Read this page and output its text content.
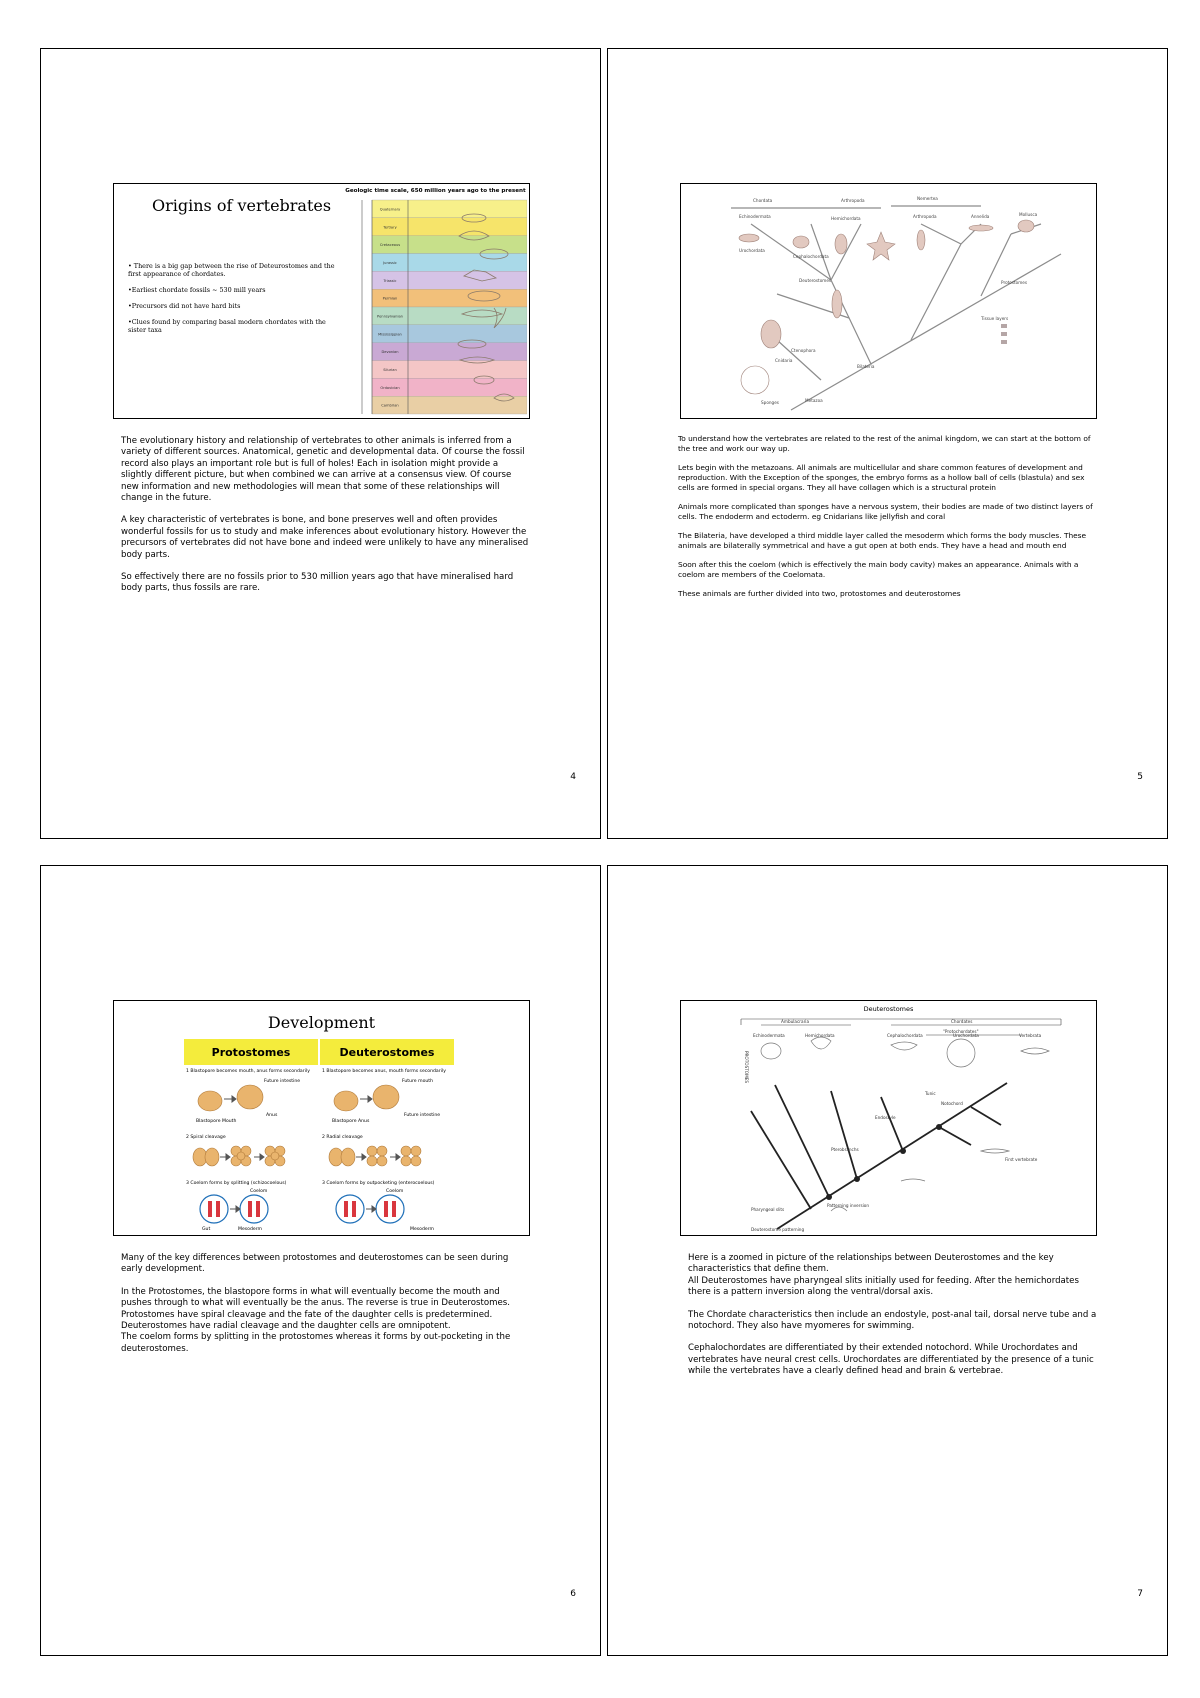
Origins of vertebrates
• There is a big gap between the rise of Deteurostomes and the first appearance of chordates.
•Earliest chordate fossils ~ 530 mill years
•Precursors did not have hard bits
•Clues found by comparing basal modern chordates with the sister taxa
Geologic time scale, 650 million years ago to the present
Quaternary
Tertiary
Cretaceous
Jurassic
Triassic
Permian
Pennsylvanian
Mississippian
Devonian
Silurian
Ordovician
Cambrian

The evolutionary history and relationship of vertebrates to other animals is inferred from a variety of different sources. Anatomical, genetic and developmental data. Of course the fossil record also plays an important role but is full of holes! Each in isolation might provide a slightly different picture, but when combined we can arrive at a consensus view. Of course new information and new methodologies will mean that some of these relationships will change in the future.

A key characteristic of vertebrates is bone, and bone preserves well and often provides wonderful fossils for us to study and make inferences about evolutionary history. However the precursors of vertebrates did not have bone and indeed were unlikely to have any mineralised body parts.

So effectively there are no fossils prior to 530 million years ago that have mineralised hard body parts, thus fossils are rare.

4
Chordata	Arthropoda	Nemertea
Echinodermata	Hemichordata
Urochordata
Cephalochordata
Arthropoda	Annelida	Mollusca
Deuterostomes	Protostomes
Ctenophora
Cnidaria
Bilateria
Metazoa
Sponges
Tissue layers

To understand how the vertebrates are related to the rest of the animal kingdom, we can start at the bottom of the tree and work our way up.

Lets begin with the metazoans. All animals are multicellular and share common features of development and reproduction. With the Exception of the sponges, the embryo forms as a hollow ball of cells (blastula) and sex cells are formed in special organs. They all have collagen which is a structural protein

Animals more complicated than sponges have a nervous system, their bodies are made of two distinct layers of cells. The endoderm and ectoderm. eg Cnidarians like jellyfish and coral

The Bilateria, have developed a third middle layer called the mesoderm which forms the body muscles. These animals are bilaterally symmetrical and have a gut open at both ends. They have a head and mouth end

Soon after this the coelom (which is effectively the main body cavity) makes an appearance. Animals with a coelom are members of the Coelomata.

These animals are further divided into two, protostomes and deuterostomes

5
Development
Protostomes	Deuterostomes
1 Blastopore becomes mouth, anus forms secondarily	1 Blastopore becomes anus, mouth forms secondarily
2 Spiral cleavage	2 Radial cleavage
3 Coelom forms by splitting (schizocoelous)	3 Coelom forms by outpocketing (enterocoelous)
Blastopore Mouth
Future intestine
Anus
Blastopore Anus
Future mouth
Future intestine
Coelom	Coelom
Mesoderm
Gut	Mesoderm

Many of the key differences between protostomes and deuterostomes can be seen during early development.

In the Protostomes, the blastopore forms in what will eventually become the mouth and pushes through to what will eventually be the anus. The reverse is true in Deuterostomes.

Protostomes have spiral cleavage and the fate of the daughter cells is predetermined. Deuterostomes have radial cleavage and the daughter cells are omnipotent.

The coelom forms by splitting in the protostomes whereas it forms by out-pocketing in the deuterostomes.

6
Deuterostomes
Ambulacraria	Chordates
"Protochordates"
Echinodermata	Hemichordata	Cephalochordata	Urochordata	Vertebrata
Pharyngeal slits
Pterobranchs
Deuterostome patterning
Patterning inversion
Endostyle
First vertebrate
Notochord
Tunic
PROTOSTOMES

Here is a zoomed in picture of the relationships between Deuterostomes and the key characteristics that define them.

All Deuterostomes have pharyngeal slits initially used for feeding. After the hemichordates there is a pattern inversion along the ventral/dorsal axis.

The Chordate characteristics then include an endostyle, post-anal tail, dorsal nerve tube and a notochord. They also have myomeres for swimming.

Cephalochordates are differentiated by their extended notochord. While Urochordates and vertebrates have neural crest cells. Urochordates are differentiated by the presence of a tunic while the vertebrates have a clearly defined head and brain & vertebrae.

7
